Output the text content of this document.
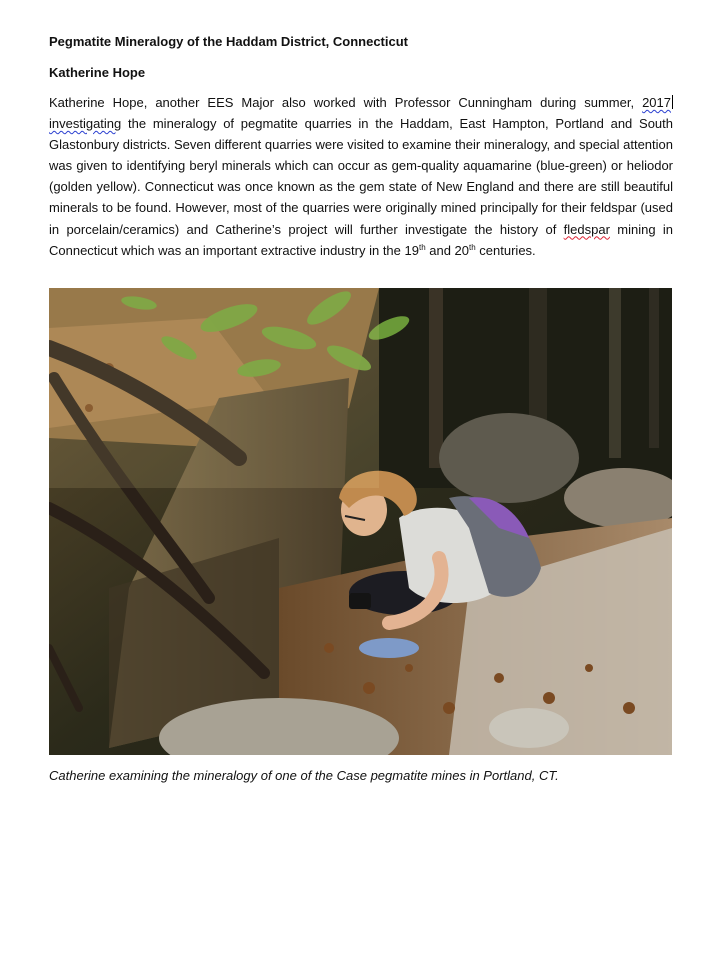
Pegmatite Mineralogy of the Haddam District, Connecticut
Katherine Hope
Katherine Hope, another EES Major also worked with Professor Cunningham during summer, 2017 investigating the mineralogy of pegmatite quarries in the Haddam, East Hampton, Portland and South Glastonbury districts. Seven different quarries were visited to examine their mineralogy, and special attention was given to identifying beryl minerals which can occur as gem-quality aquamarine (blue-green) or heliodor (golden yellow). Connecticut was once known as the gem state of New England and there are still beautiful minerals to be found. However, most of the quarries were originally mined principally for their feldspar (used in porcelain/ceramics) and Catherine’s project will further investigate the history of fledspar mining in Connecticut which was an important extractive industry in the 19th and 20th centuries.
Catherine examining the mineralogy of one of the Case pegmatite mines in Portland, CT.
